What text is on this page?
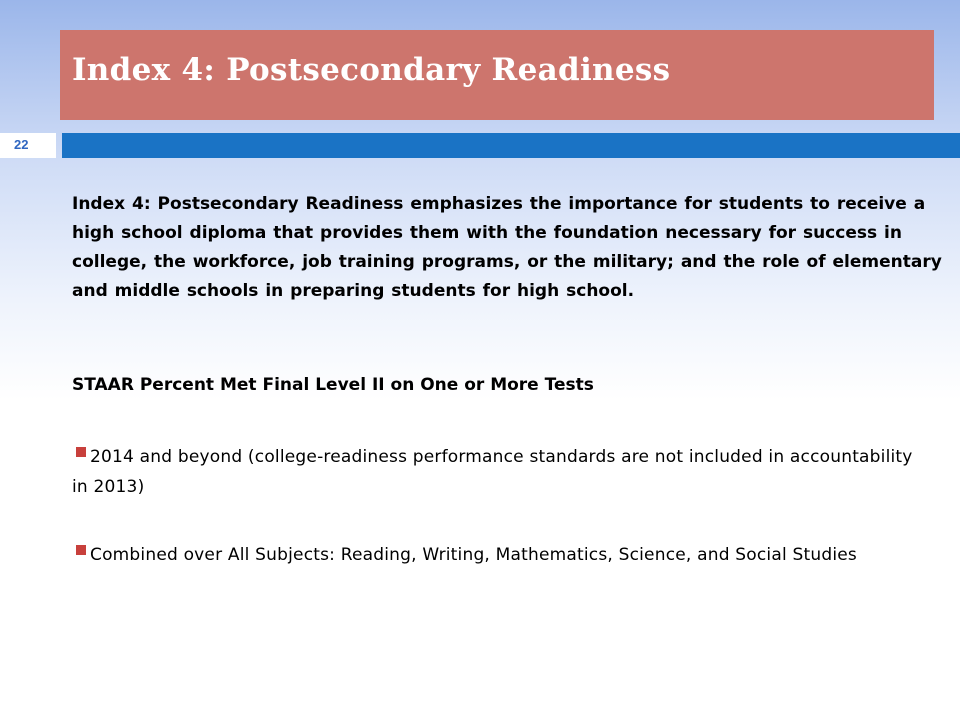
Index 4: Postsecondary Readiness
22

Index 4: Postsecondary Readiness emphasizes the importance for students to receive a high school diploma that provides them with the foundation necessary for success in college, the workforce, job training programs, or the military; and the role of elementary and middle schools in preparing students for high school.

STAAR Percent Met Final Level II on One or More Tests

2014 and beyond (college-readiness performance standards are not included in accountability in 2013)

Combined over All Subjects: Reading, Writing, Mathematics, Science, and Social Studies
